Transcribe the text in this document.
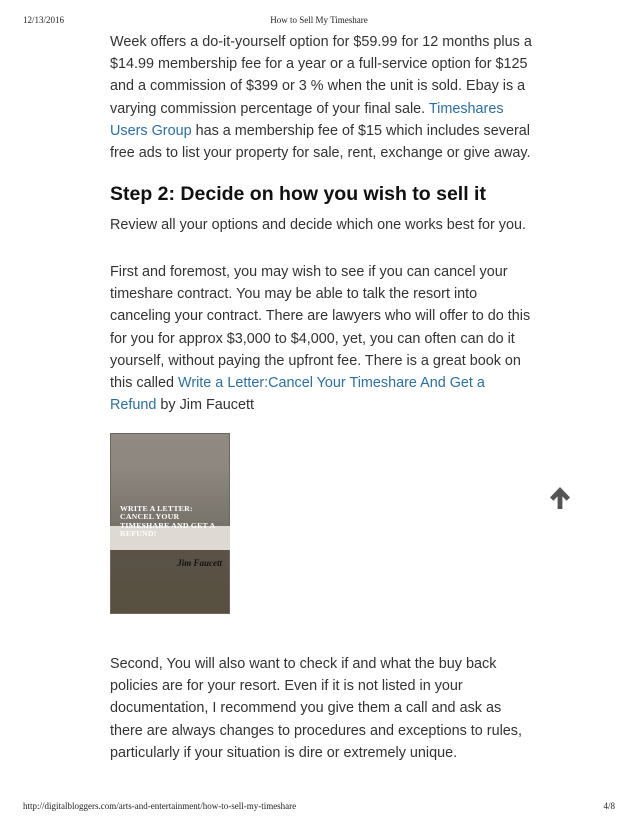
12/13/2016	How to Sell My Timeshare

Week offers a do-it-yourself option for $59.99 for 12 months plus a $14.99 membership fee for a year or a full-service option for $125 and a commission of $399 or 3 % when the unit is sold. Ebay is a varying commission percentage of your final sale. Timeshares Users Group has a membership fee of $15 which includes several free ads to list your property for sale, rent, exchange or give away.

Step 2: Decide on how you wish to sell it

Review all your options and decide which one works best for you.

First and foremost, you may wish to see if you can cancel your timeshare contract. You may be able to talk the resort into canceling your contract. There are lawyers who will offer to do this for you for approx $3,000 to $4,000, yet, you can often can do it yourself, without paying the upfront fee. There is a great book on this called Write a Letter:Cancel Your Timeshare And Get a Refund by Jim Faucett

Second, You will also want to check if and what the buy back policies are for your resort. Even if it is not listed in your documentation, I recommend you give them a call and ask as there are always changes to procedures and exceptions to rules, particularly if your situation is dire or extremely unique.

WRITE A LETTER: CANCEL YOUR TIMESHARE AND GET A REFUND!
Jim Faucett
http://digitalbloggers.com/arts-and-entertainment/how-to-sell-my-timeshare	4/8
